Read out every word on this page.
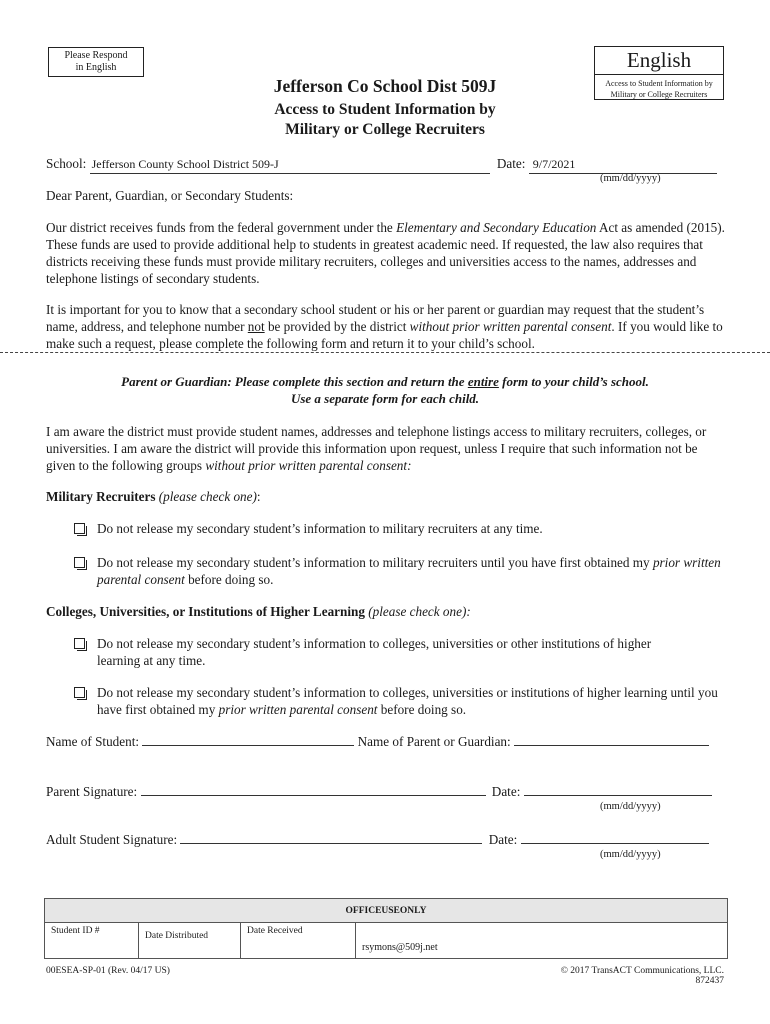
Please Respond
in English	English
Access to Student Information by
Military or College Recruiters
Jefferson Co School Dist 509J
Access to Student Information by
Military or College Recruiters
School: Jefferson County School District 509-J	Date: 9/7/2021
(mm/dd/yyyy)
Dear Parent, Guardian, or Secondary Students:
Our district receives funds from the federal government under the Elementary and Secondary Education Act as amended (2015). These funds are used to provide additional help to students in greatest academic need. If requested, the law also requires that districts receiving these funds must provide military recruiters, colleges and universities access to the names, addresses and telephone listings of secondary students.
It is important for you to know that a secondary school student or his or her parent or guardian may request that the student’s name, address, and telephone number not be provided by the district without prior written parental consent. If you would like to make such a request, please complete the following form and return it to your child’s school.
Parent or Guardian: Please complete this section and return the entire form to your child’s school.
Use a separate form for each child.
I am aware the district must provide student names, addresses and telephone listings access to military recruiters, colleges, or universities. I am aware the district will provide this information upon request, unless I require that such information not be given to the following groups without prior written parental consent:
Military Recruiters (please check one):
Do not release my secondary student’s information to military recruiters at any time.
Do not release my secondary student’s information to military recruiters until you have first obtained my prior written parental consent before doing so.
Colleges, Universities, or Institutions of Higher Learning (please check one):
Do not release my secondary student’s information to colleges, universities or other institutions of higher learning at any time.
Do not release my secondary student’s information to colleges, universities or institutions of higher learning until you have first obtained my prior written parental consent before doing so.
Name of Student:	Name of Parent or Guardian:
Parent Signature:	Date:
(mm/dd/yyyy)
Adult Student Signature:	Date:
(mm/dd/yyyy)
OFFICEUSEONLY
Student ID #	Date Distributed	Date Received	rsymons@509j.net
00ESEA-SP-01 (Rev. 04/17 US)	© 2017 TransACT Communications, LLC.
872437
